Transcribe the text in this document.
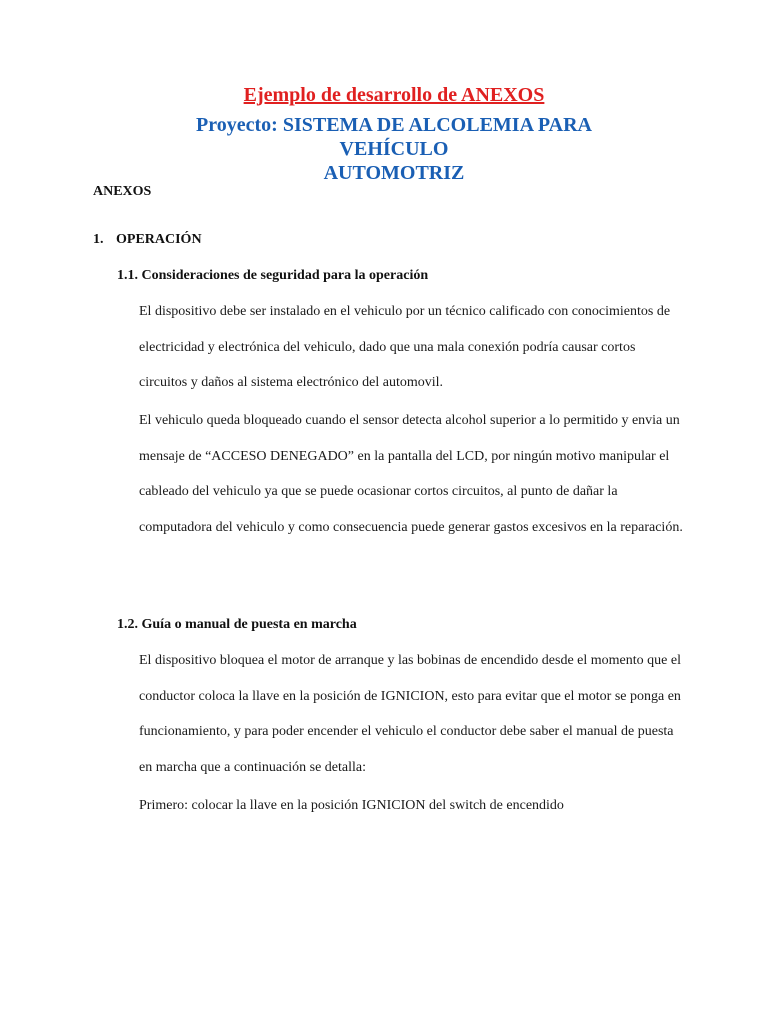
Ejemplo de desarrollo de ANEXOS
Proyecto: SISTEMA DE ALCOLEMIA PARA VEHÍCULO
AUTOMOTRIZ

ANEXOS

1. OPERACIÓN

1.1. Consideraciones de seguridad para la operación

El dispositivo debe ser instalado en el vehiculo por un técnico calificado con conocimientos de electricidad y electrónica del vehiculo, dado que una mala conexión podría causar cortos circuitos y daños al sistema electrónico del automovil.

El vehiculo queda bloqueado cuando el sensor detecta alcohol superior a lo permitido y envia un mensaje de “ACCESO DENEGADO” en la pantalla del LCD, por ningún motivo manipular el cableado del vehiculo ya que se puede ocasionar cortos circuitos, al punto de dañar la computadora del vehiculo y como consecuencia puede generar gastos excesivos en la reparación.

1.2. Guía o manual de puesta en marcha

El dispositivo bloquea el motor de arranque y las bobinas de encendido desde el momento que el conductor coloca la llave en la posición de IGNICION, esto para evitar que el motor se ponga en funcionamiento, y para poder encender el vehiculo el conductor debe saber el manual de puesta en marcha que a continuación se detalla:

Primero: colocar la llave en la posición IGNICION del switch de encendido
